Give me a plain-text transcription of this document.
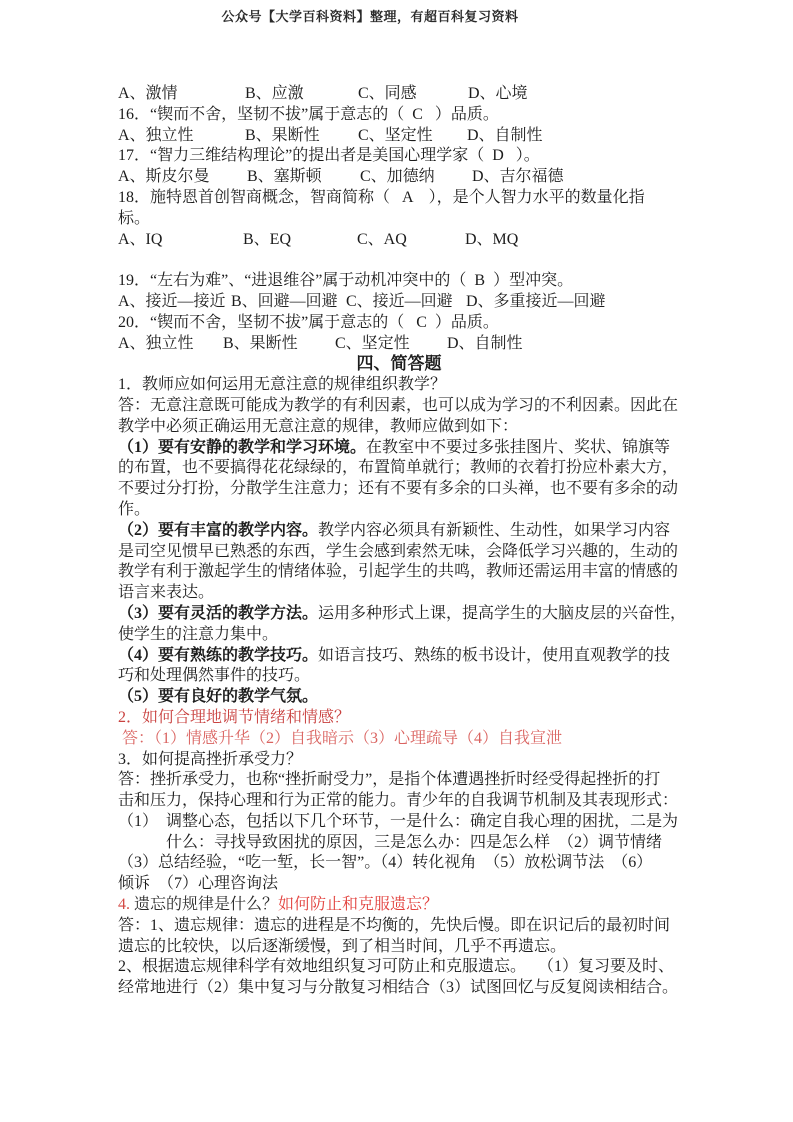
公众号【大学百科资料】整理，有超百科复习资料
A、激情	B、应激	C、同感	D、心境
16．“锲而不舍，坚韧不拔”属于意志的（  C   ）品质。
A、独立性	B、果断性 C、坚定性 D、自制性
17．“智力三维结构理论”的提出者是美国心理学家（  D   ）。
A、斯皮尔曼 B、塞斯顿 C、加德纳 D、吉尔福德
18．施特恩首创智商概念，智商简称（   A    ），是个人智力水平的数量化指
标。
A、IQ	B、EQ	C、AQ	D、MQ
19．“左右为难”、“进退维谷”属于动机冲突中的（  B  ）型冲突。
A、接近—接近 B、回避—回避 C、接近—回避 D、多重接近—回避
20．“锲而不舍，坚韧不拔”属于意志的（   C  ）品质。
A、独立性 B、果断性 C、坚定性 D、自制性
四、简答题
1．教师应如何运用无意注意的规律组织教学？
答：无意注意既可能成为教学的有利因素，也可以成为学习的不利因素。因此在
教学中必须正确运用无意注意的规律，教师应做到如下：
（1）要有安静的教学和学习环境。在教室中不要过多张挂图片、奖状、锦旗等
的布置，也不要搞得花花绿绿的，布置简单就行；教师的衣着打扮应朴素大方，
不要过分打扮，分散学生注意力；还有不要有多余的口头禅，也不要有多余的动
作。
（2）要有丰富的教学内容。教学内容必须具有新颖性、生动性，如果学习内容
是司空见惯早已熟悉的东西，学生会感到索然无味，会降低学习兴趣的，生动的
教学有利于激起学生的情绪体验，引起学生的共鸣，教师还需运用丰富的情感的
语言来表达。
（3）要有灵活的教学方法。运用多种形式上课，提高学生的大脑皮层的兴奋性，
使学生的注意力集中。
（4）要有熟练的教学技巧。如语言技巧、熟练的板书设计，使用直观教学的技
巧和处理偶然事件的技巧。
（5）要有良好的教学气氛。
2．如何合理地调节情绪和情感？
答：（1）情感升华（2）自我暗示（3）心理疏导（4）自我宣泄
3．如何提高挫折承受力？
答：挫折承受力，也称“挫折耐受力”，是指个体遭遇挫折时经受得起挫折的打
击和压力，保持心理和行为正常的能力。青少年的自我调节机制及其表现形式：
（1）  调整心态，包括以下几个环节，一是什么：确定自我心理的困扰，二是为
什么：寻找导致困扰的原因，三是怎么办：四是怎么样  （2）调节情绪
（3）总结经验，“吃一堑，长一智”。（4）转化视角  （5）放松调节法  （6）
倾诉  （7）心理咨询法
4. 遗忘的规律是什么？如何防止和克服遗忘？
答：1、遗忘规律：遗忘的进程是不均衡的，先快后慢。即在识记后的最初时间
遗忘的比较快，以后逐渐缓慢，到了相当时间，几乎不再遗忘。
2、根据遗忘规律科学有效地组织复习可防止和克服遗忘。   （1）复习要及时、
经常地进行（2）集中复习与分散复习相结合（3）试图回忆与反复阅读相结合。
